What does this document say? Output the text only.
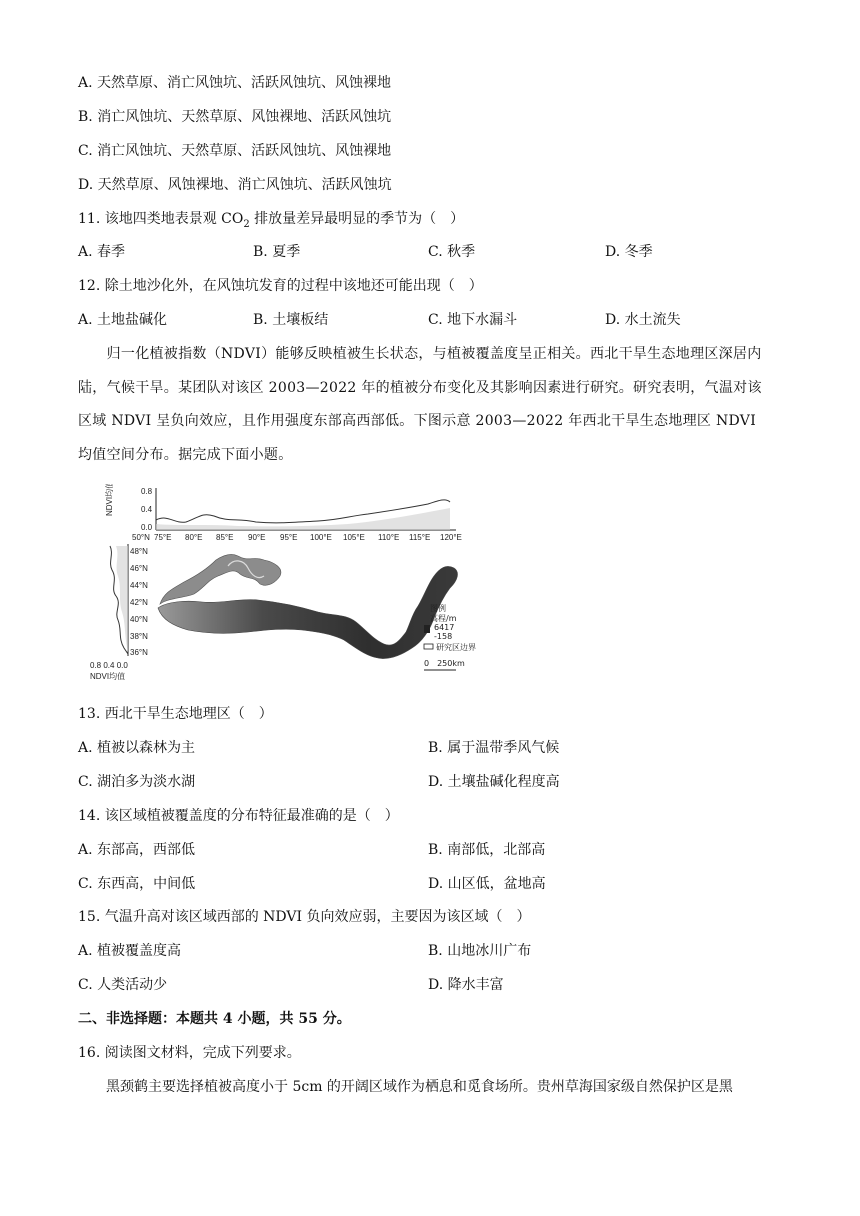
A. 天然草原、消亡风蚀坑、活跃风蚀坑、风蚀裸地
B. 消亡风蚀坑、天然草原、风蚀裸地、活跃风蚀坑
C. 消亡风蚀坑、天然草原、活跃风蚀坑、风蚀裸地
D. 天然草原、风蚀裸地、消亡风蚀坑、活跃风蚀坑
11. 该地四类地表景观 $CO_2$ 排放量差异最明显的季节为（　）
A. 春季	B. 夏季	C. 秋季	D. 冬季
12. 除土地沙化外，在风蚀坑发育的过程中该地还可能出现（　）
A. 土地盐碱化	B. 土壤板结	C. 地下水漏斗	D. 水土流失
　　归一化植被指数（NDVI）能够反映植被生长状态，与植被覆盖度呈正相关。西北干旱生态地理区深居内陆，气候干旱。某团队对该区 2003—2022 年的植被分布变化及其影响因素进行研究。研究表明，气温对该区域 NDVI 呈负向效应，且作用强度东部高西部低。下图示意 2003—2022 年西北干旱生态地理区 NDVI 均值空间分布。据完成下面小题。
NDVI均值	0.8
0.4
0.0
50°N 75°E 80°E 85°E 90°E 95°E 100°E 105°E 110°E 115°E 120°E
48°N
46°N
44°N
42°N
40°N
38°N
36°N
0.8 0.4 0.0
NDVI均值
图例
高程/m
6417
-158
研究区边界
0　250km
13. 西北干旱生态地理区（　）
A. 植被以森林为主	B. 属于温带季风气候
C. 湖泊多为淡水湖	D. 土壤盐碱化程度高
14. 该区域植被覆盖度的分布特征最准确的是（　）
A. 东部高，西部低	B. 南部低，北部高
C. 东西高，中间低	D. 山区低，盆地高
15. 气温升高对该区域西部的 NDVI 负向效应弱，主要因为该区域（　）
A. 植被覆盖度高	B. 山地冰川广布
C. 人类活动少	D. 降水丰富
二、非选择题：本题共 4 小题，共 55 分。
16. 阅读图文材料，完成下列要求。
　　黑颈鹤主要选择植被高度小于 5cm 的开阔区域作为栖息和觅食场所。贵州草海国家级自然保护区是黑
